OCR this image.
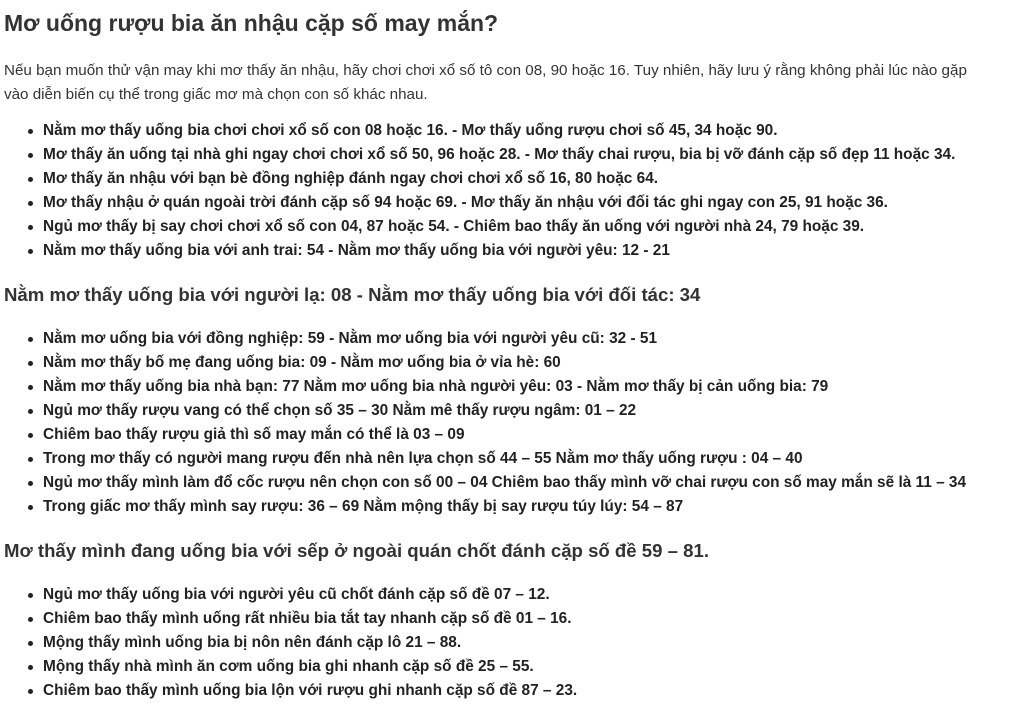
Mơ uống rượu bia ăn nhậu cặp số may mắn?

Nếu bạn muốn thử vận may khi mơ thấy ăn nhậu, hãy chơi chơi xổ số tô con 08, 90 hoặc 16. Tuy nhiên, hãy lưu ý rằng không phải lúc nào gặp
vào diễn biến cụ thể trong giấc mơ mà chọn con số khác nhau.

Nằm mơ thấy uống bia chơi chơi xổ số con 08 hoặc 16. - Mơ thấy uống rượu chơi số 45, 34 hoặc 90.
Mơ thấy ăn uống tại nhà ghi ngay chơi chơi xổ số 50, 96 hoặc 28. - Mơ thấy chai rượu, bia bị vỡ đánh cặp số đẹp 11 hoặc 34.
Mơ thấy ăn nhậu với bạn bè đồng nghiệp đánh ngay chơi chơi xổ số 16, 80 hoặc 64.
Mơ thấy nhậu ở quán ngoài trời đánh cặp số 94 hoặc 69. - Mơ thấy ăn nhậu với đối tác ghi ngay con 25, 91 hoặc 36.
Ngủ mơ thấy bị say chơi chơi xổ số con 04, 87 hoặc 54. - Chiêm bao thấy ăn uống với người nhà 24, 79 hoặc 39.
Nằm mơ thấy uống bia với anh trai: 54 - Nằm mơ thấy uống bia với người yêu: 12 - 21
Nằm mơ thấy uống bia với người lạ: 08 - Nằm mơ thấy uống bia với đối tác: 34
Nằm mơ uống bia với đồng nghiệp: 59 - Nằm mơ uống bia với người yêu cũ: 32 - 51
Nằm mơ thấy bố mẹ đang uống bia: 09 - Nằm mơ uống bia ở vỉa hè: 60
Nằm mơ thấy uống bia nhà bạn: 77 Nằm mơ uống bia nhà người yêu: 03 - Nằm mơ thấy bị cản uống bia: 79
Ngủ mơ thấy rượu vang có thể chọn số 35 – 30 Nằm mê thấy rượu ngâm: 01 – 22
Chiêm bao thấy rượu giả thì số may mắn có thể là 03 – 09
Trong mơ thấy có người mang rượu đến nhà nên lựa chọn số 44 – 55 Nằm mơ thấy uống rượu : 04 – 40
Ngủ mơ thấy mình làm đổ cốc rượu nên chọn con số 00 – 04 Chiêm bao thấy mình vỡ chai rượu con số may mắn sẽ là 11 – 34
Trong giấc mơ thấy mình say rượu: 36 – 69 Nằm mộng thấy bị say rượu túy lúy: 54 – 87
Mơ thấy mình đang uống bia với sếp ở ngoài quán chốt đánh cặp số đề 59 – 81.
Ngủ mơ thấy uống bia với người yêu cũ chốt đánh cặp số đề 07 – 12.
Chiêm bao thấy mình uống rất nhiều bia tắt tay nhanh cặp số đề 01 – 16.
Mộng thấy mình uống bia bị nôn nên đánh cặp lô 21 – 88.
Mộng thấy nhà mình ăn cơm uống bia ghi nhanh cặp số đề 25 – 55.
Chiêm bao thấy mình uống bia lộn với rượu ghi nhanh cặp số đề 87 – 23.
